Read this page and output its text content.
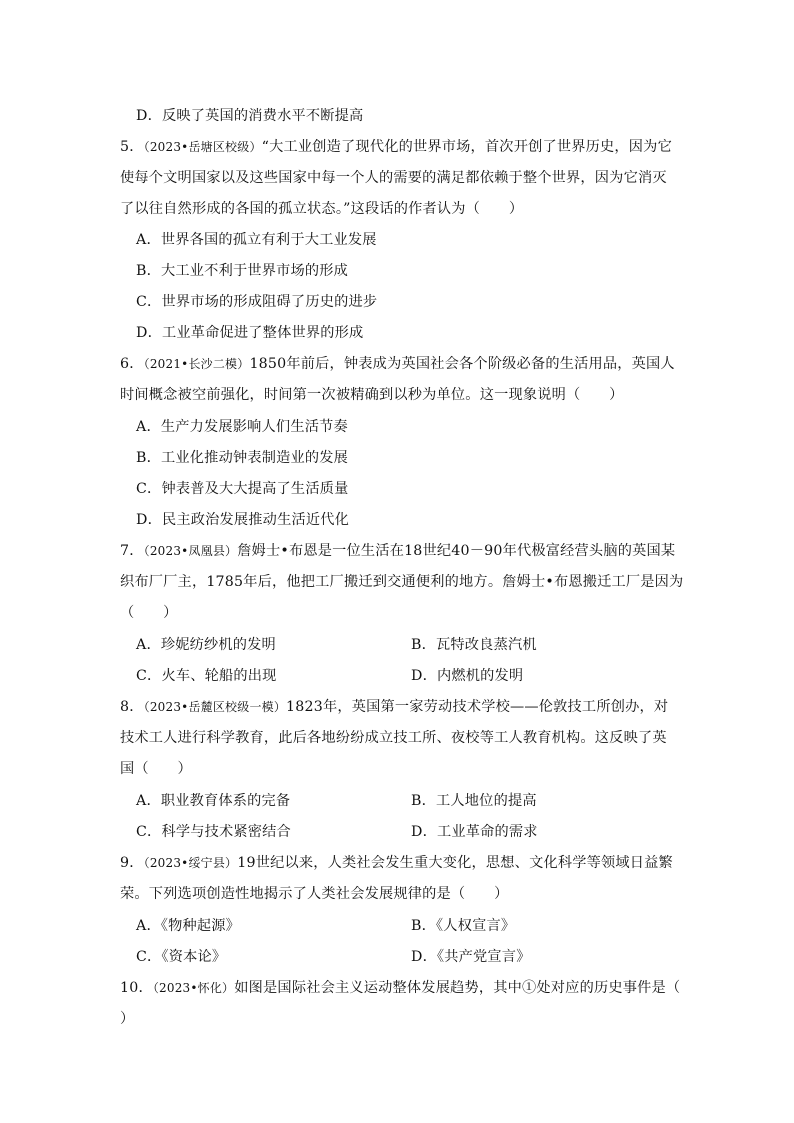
D．反映了英国的消费水平不断提高
5．（2023•岳塘区校级）“大工业创造了现代化的世界市场，首次开创了世界历史，因为它
使每个文明国家以及这些国家中每一个人的需要的满足都依赖于整个世界，因为它消灭
了以往自然形成的各国的孤立状态。”这段话的作者认为（　　）
A．世界各国的孤立有利于大工业发展
B．大工业不利于世界市场的形成
C．世界市场的形成阻碍了历史的进步
D．工业革命促进了整体世界的形成
6．（2021•长沙二模）1850年前后，钟表成为英国社会各个阶级必备的生活用品，英国人
时间概念被空前强化，时间第一次被精确到以秒为单位。这一现象说明（　　）
A．生产力发展影响人们生活节奏
B．工业化推动钟表制造业的发展
C．钟表普及大大提高了生活质量
D．民主政治发展推动生活近代化
7．（2023•凤凰县）詹姆士•布恩是一位生活在18世纪40－90年代极富经营头脑的英国某
织布厂厂主，1785年后，他把工厂搬迁到交通便利的地方。詹姆士•布恩搬迁工厂是因为
（　　）
A．珍妮纺纱机的发明	B．瓦特改良蒸汽机
C．火车、轮船的出现	D．内燃机的发明
8．（2023•岳麓区校级一模）1823年，英国第一家劳动技术学校——伦敦技工所创办，对
技术工人进行科学教育，此后各地纷纷成立技工所、夜校等工人教育机构。这反映了英
国（　　）
A．职业教育体系的完备	B．工人地位的提高
C．科学与技术紧密结合	D．工业革命的需求
9．（2023•绥宁县）19世纪以来，人类社会发生重大变化，思想、文化科学等领域日益繁
荣。下列选项创造性地揭示了人类社会发展规律的是（　　）
A．《物种起源》	B．《人权宣言》
C．《资本论》	D．《共产党宣言》
10．（2023•怀化）如图是国际社会主义运动整体发展趋势，其中①处对应的历史事件是（
）
